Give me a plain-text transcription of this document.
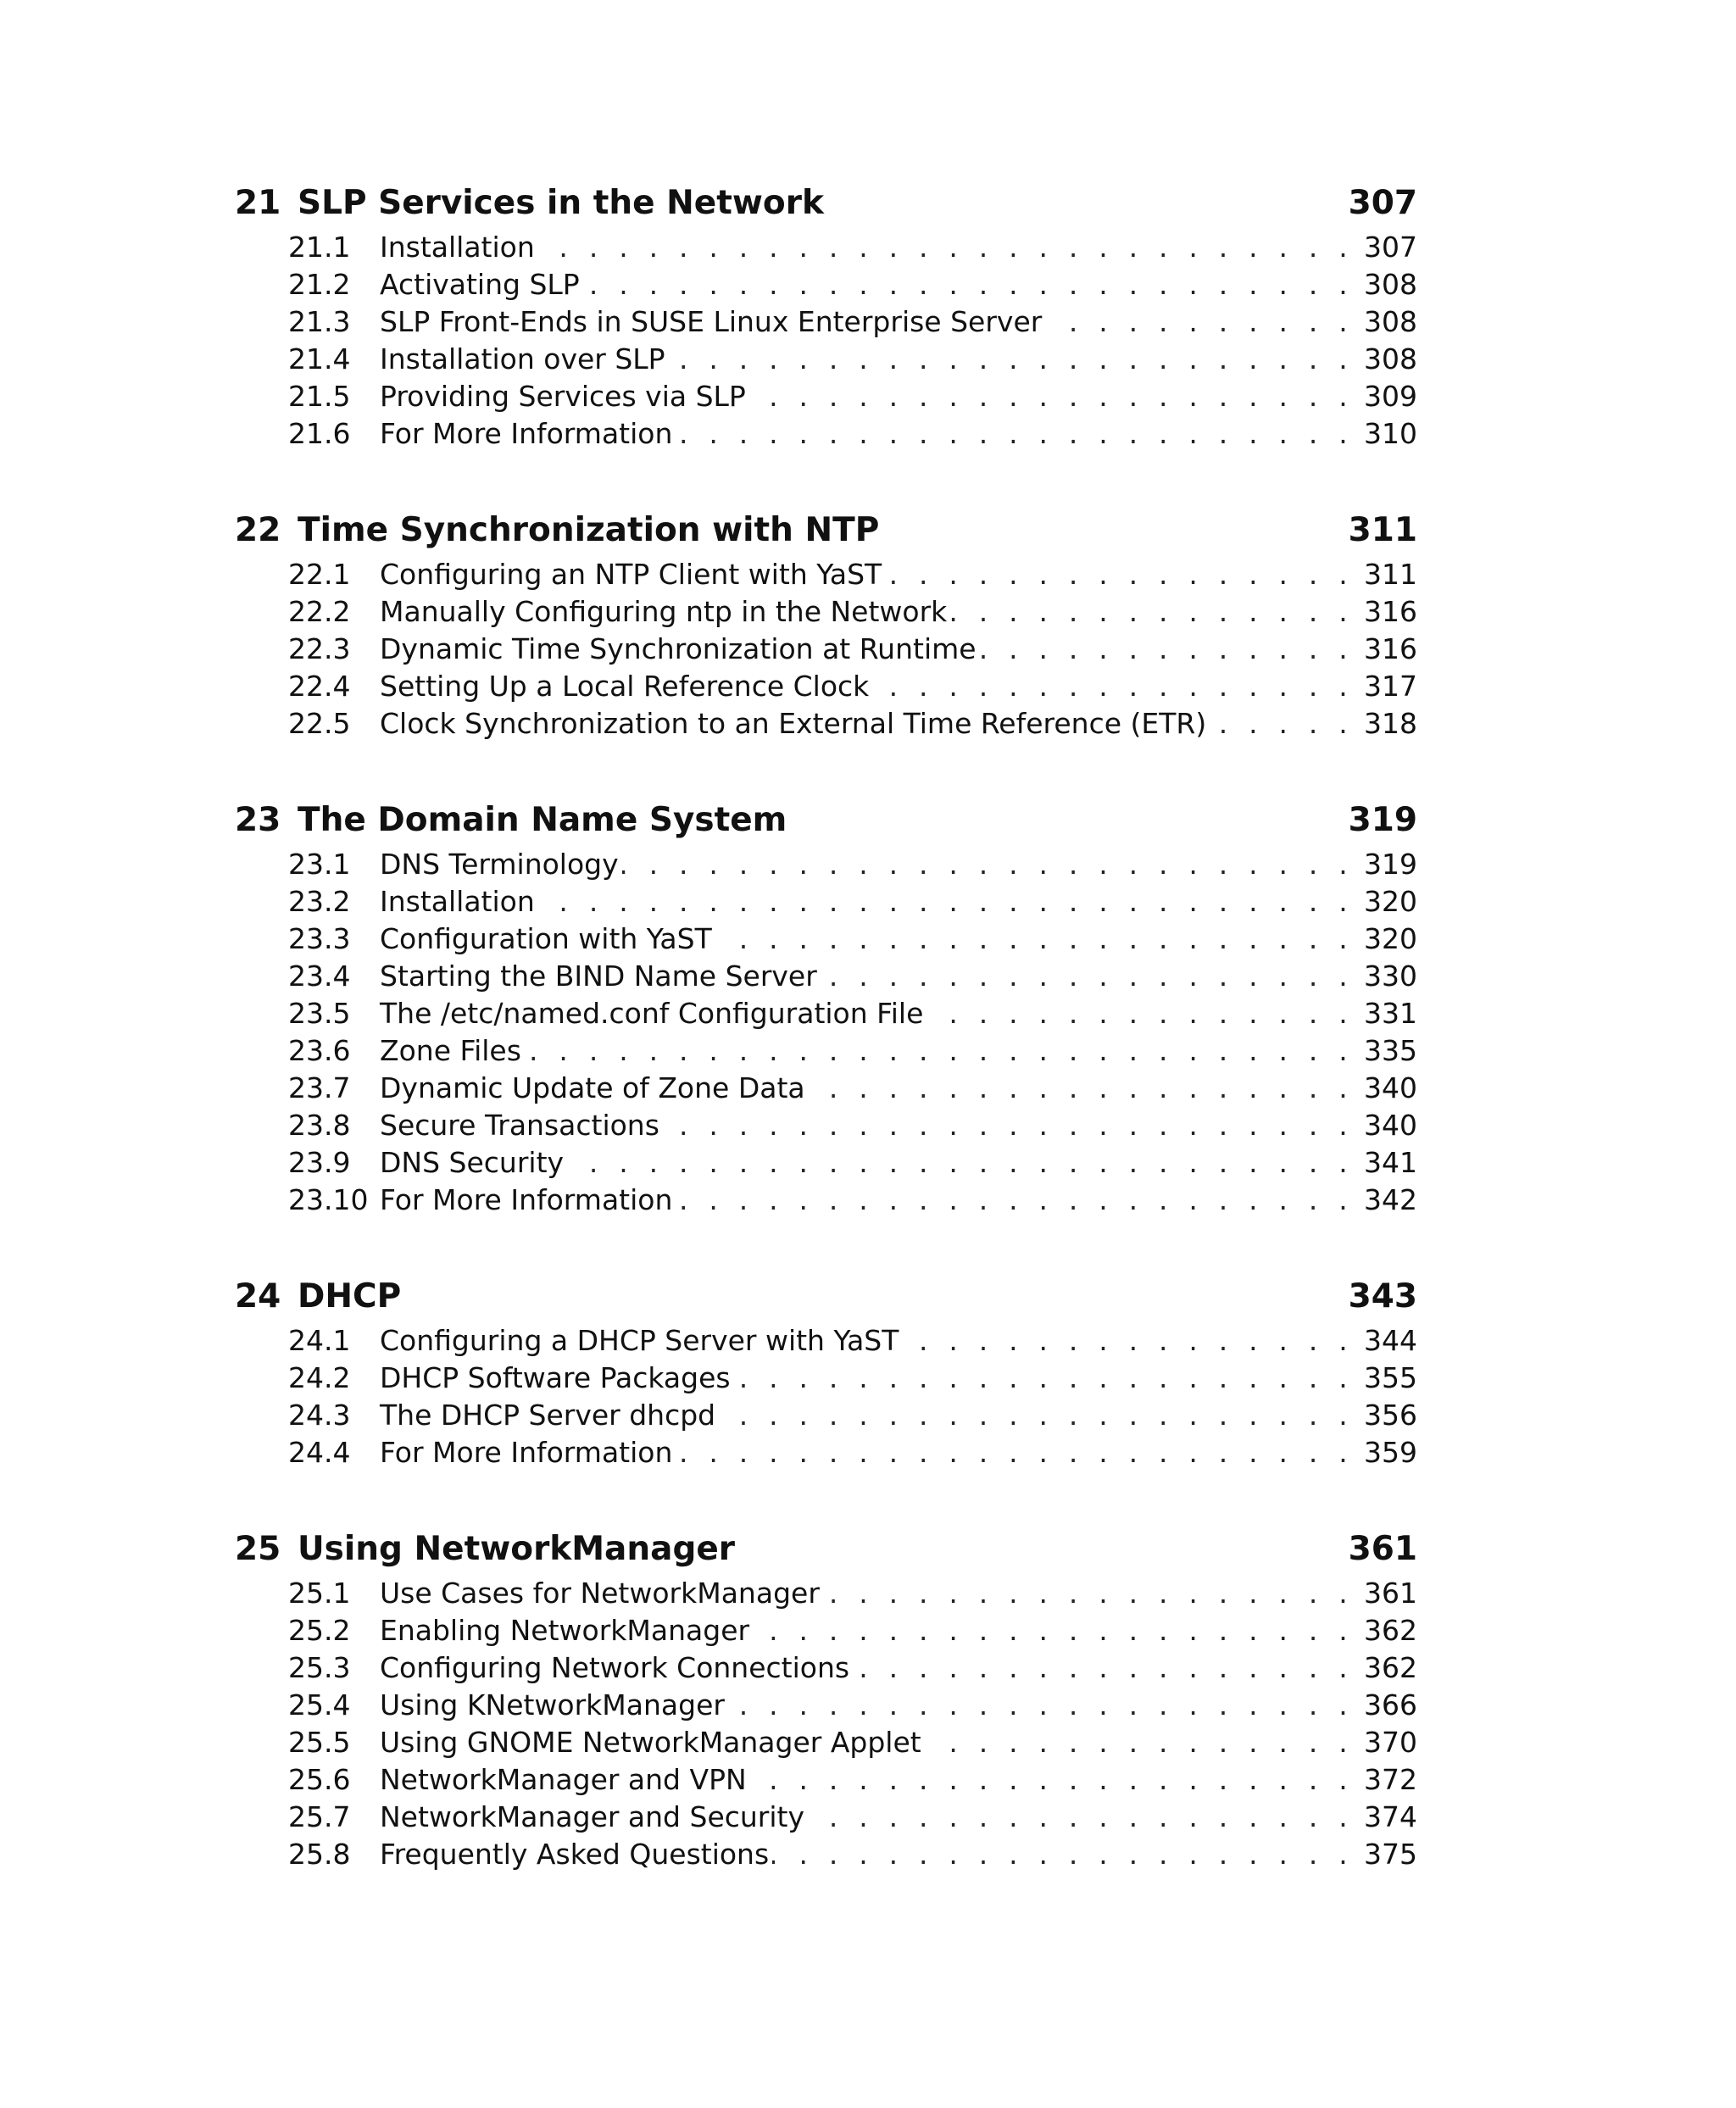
21 SLP Services in the Network	307
21.1	Installation . . .	307
21.2	Activating SLP . . .	308
21.3	SLP Front-Ends in SUSE Linux Enterprise Server . . .	308
21.4	Installation over SLP . . .	308
21.5	Providing Services via SLP . . .	309
21.6	For More Information . . .	310
22 Time Synchronization with NTP	311
22.1	Configuring an NTP Client with YaST . . .	311
22.2	Manually Configuring ntp in the Network . . .	316
22.3	Dynamic Time Synchronization at Runtime . . .	316
22.4	Setting Up a Local Reference Clock . . .	317
22.5	Clock Synchronization to an External Time Reference (ETR) . . .	318
23 The Domain Name System	319
23.1	DNS Terminology . . .	319
23.2	Installation . . .	320
23.3	Configuration with YaST . . .	320
23.4	Starting the BIND Name Server . . .	330
23.5	The /etc/named.conf Configuration File . . .	331
23.6	Zone Files . . .	335
23.7	Dynamic Update of Zone Data . . .	340
23.8	Secure Transactions . . .	340
23.9	DNS Security . . .	341
23.10 For More Information . . .	342
24 DHCP	343
24.1	Configuring a DHCP Server with YaST . . .	344
24.2	DHCP Software Packages . . .	355
24.3	The DHCP Server dhcpd . . .	356
24.4	For More Information . . .	359
25 Using NetworkManager	361
25.1	Use Cases for NetworkManager . . .	361
25.2	Enabling NetworkManager . . .	362
25.3	Configuring Network Connections . . .	362
25.4	Using KNetworkManager . . .	366
25.5	Using GNOME NetworkManager Applet . . .	370
25.6	NetworkManager and VPN . . .	372
25.7	NetworkManager and Security . . .	374
25.8	Frequently Asked Questions . . .	375
